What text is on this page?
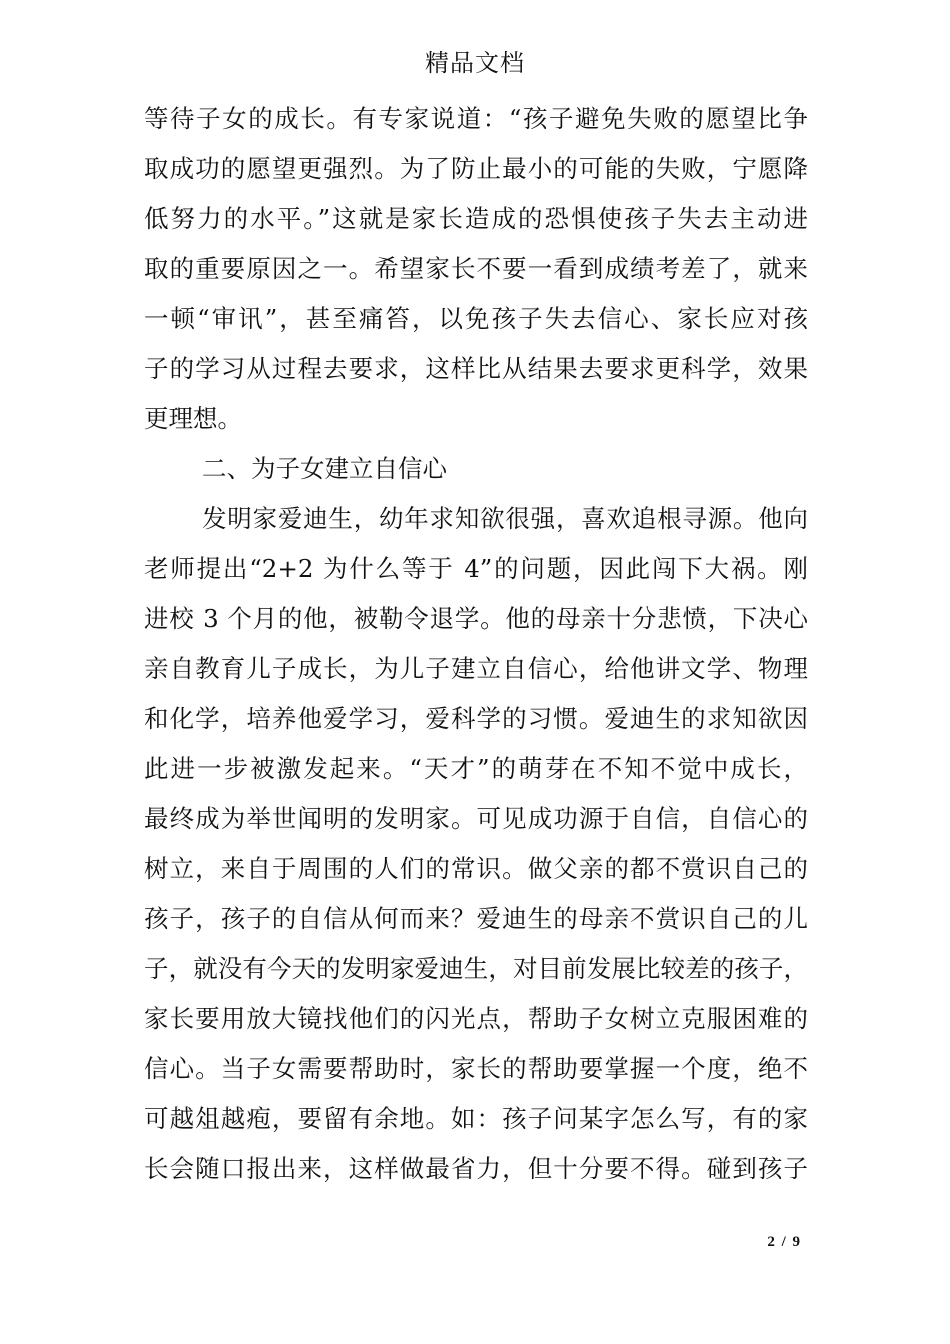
精品文档
等待子女的成长。有专家说道：“孩子避免失败的愿望比争
取成功的愿望更强烈。为了防止最小的可能的失败，宁愿降
低努力的水平。”这就是家长造成的恐惧使孩子失去主动进
取的重要原因之一。希望家长不要一看到成绩考差了，就来
一顿“审讯”，甚至痛笞，以免孩子失去信心、家长应对孩
子的学习从过程去要求，这样比从结果去要求更科学，效果
更理想。
二、为子女建立自信心
发明家爱迪生，幼年求知欲很强，喜欢追根寻源。他向
老师提出“2+2 为什么等于 4”的问题，因此闯下大祸。刚
进校 3 个月的他，被勒令退学。他的母亲十分悲愤，下决心
亲自教育儿子成长，为儿子建立自信心，给他讲文学、物理
和化学，培养他爱学习，爱科学的习惯。爱迪生的求知欲因
此进一步被激发起来。“天才”的萌芽在不知不觉中成长，
最终成为举世闻明的发明家。可见成功源于自信，自信心的
树立，来自于周围的人们的常识。做父亲的都不赏识自己的
孩子，孩子的自信从何而来？爱迪生的母亲不赏识自己的儿
子，就没有今天的发明家爱迪生，对目前发展比较差的孩子，
家长要用放大镜找他们的闪光点，帮助子女树立克服困难的
信心。当子女需要帮助时，家长的帮助要掌握一个度，绝不
可越俎越疱，要留有余地。如：孩子问某字怎么写，有的家
长会随口报出来，这样做最省力，但十分要不得。碰到孩子
2 / 9
